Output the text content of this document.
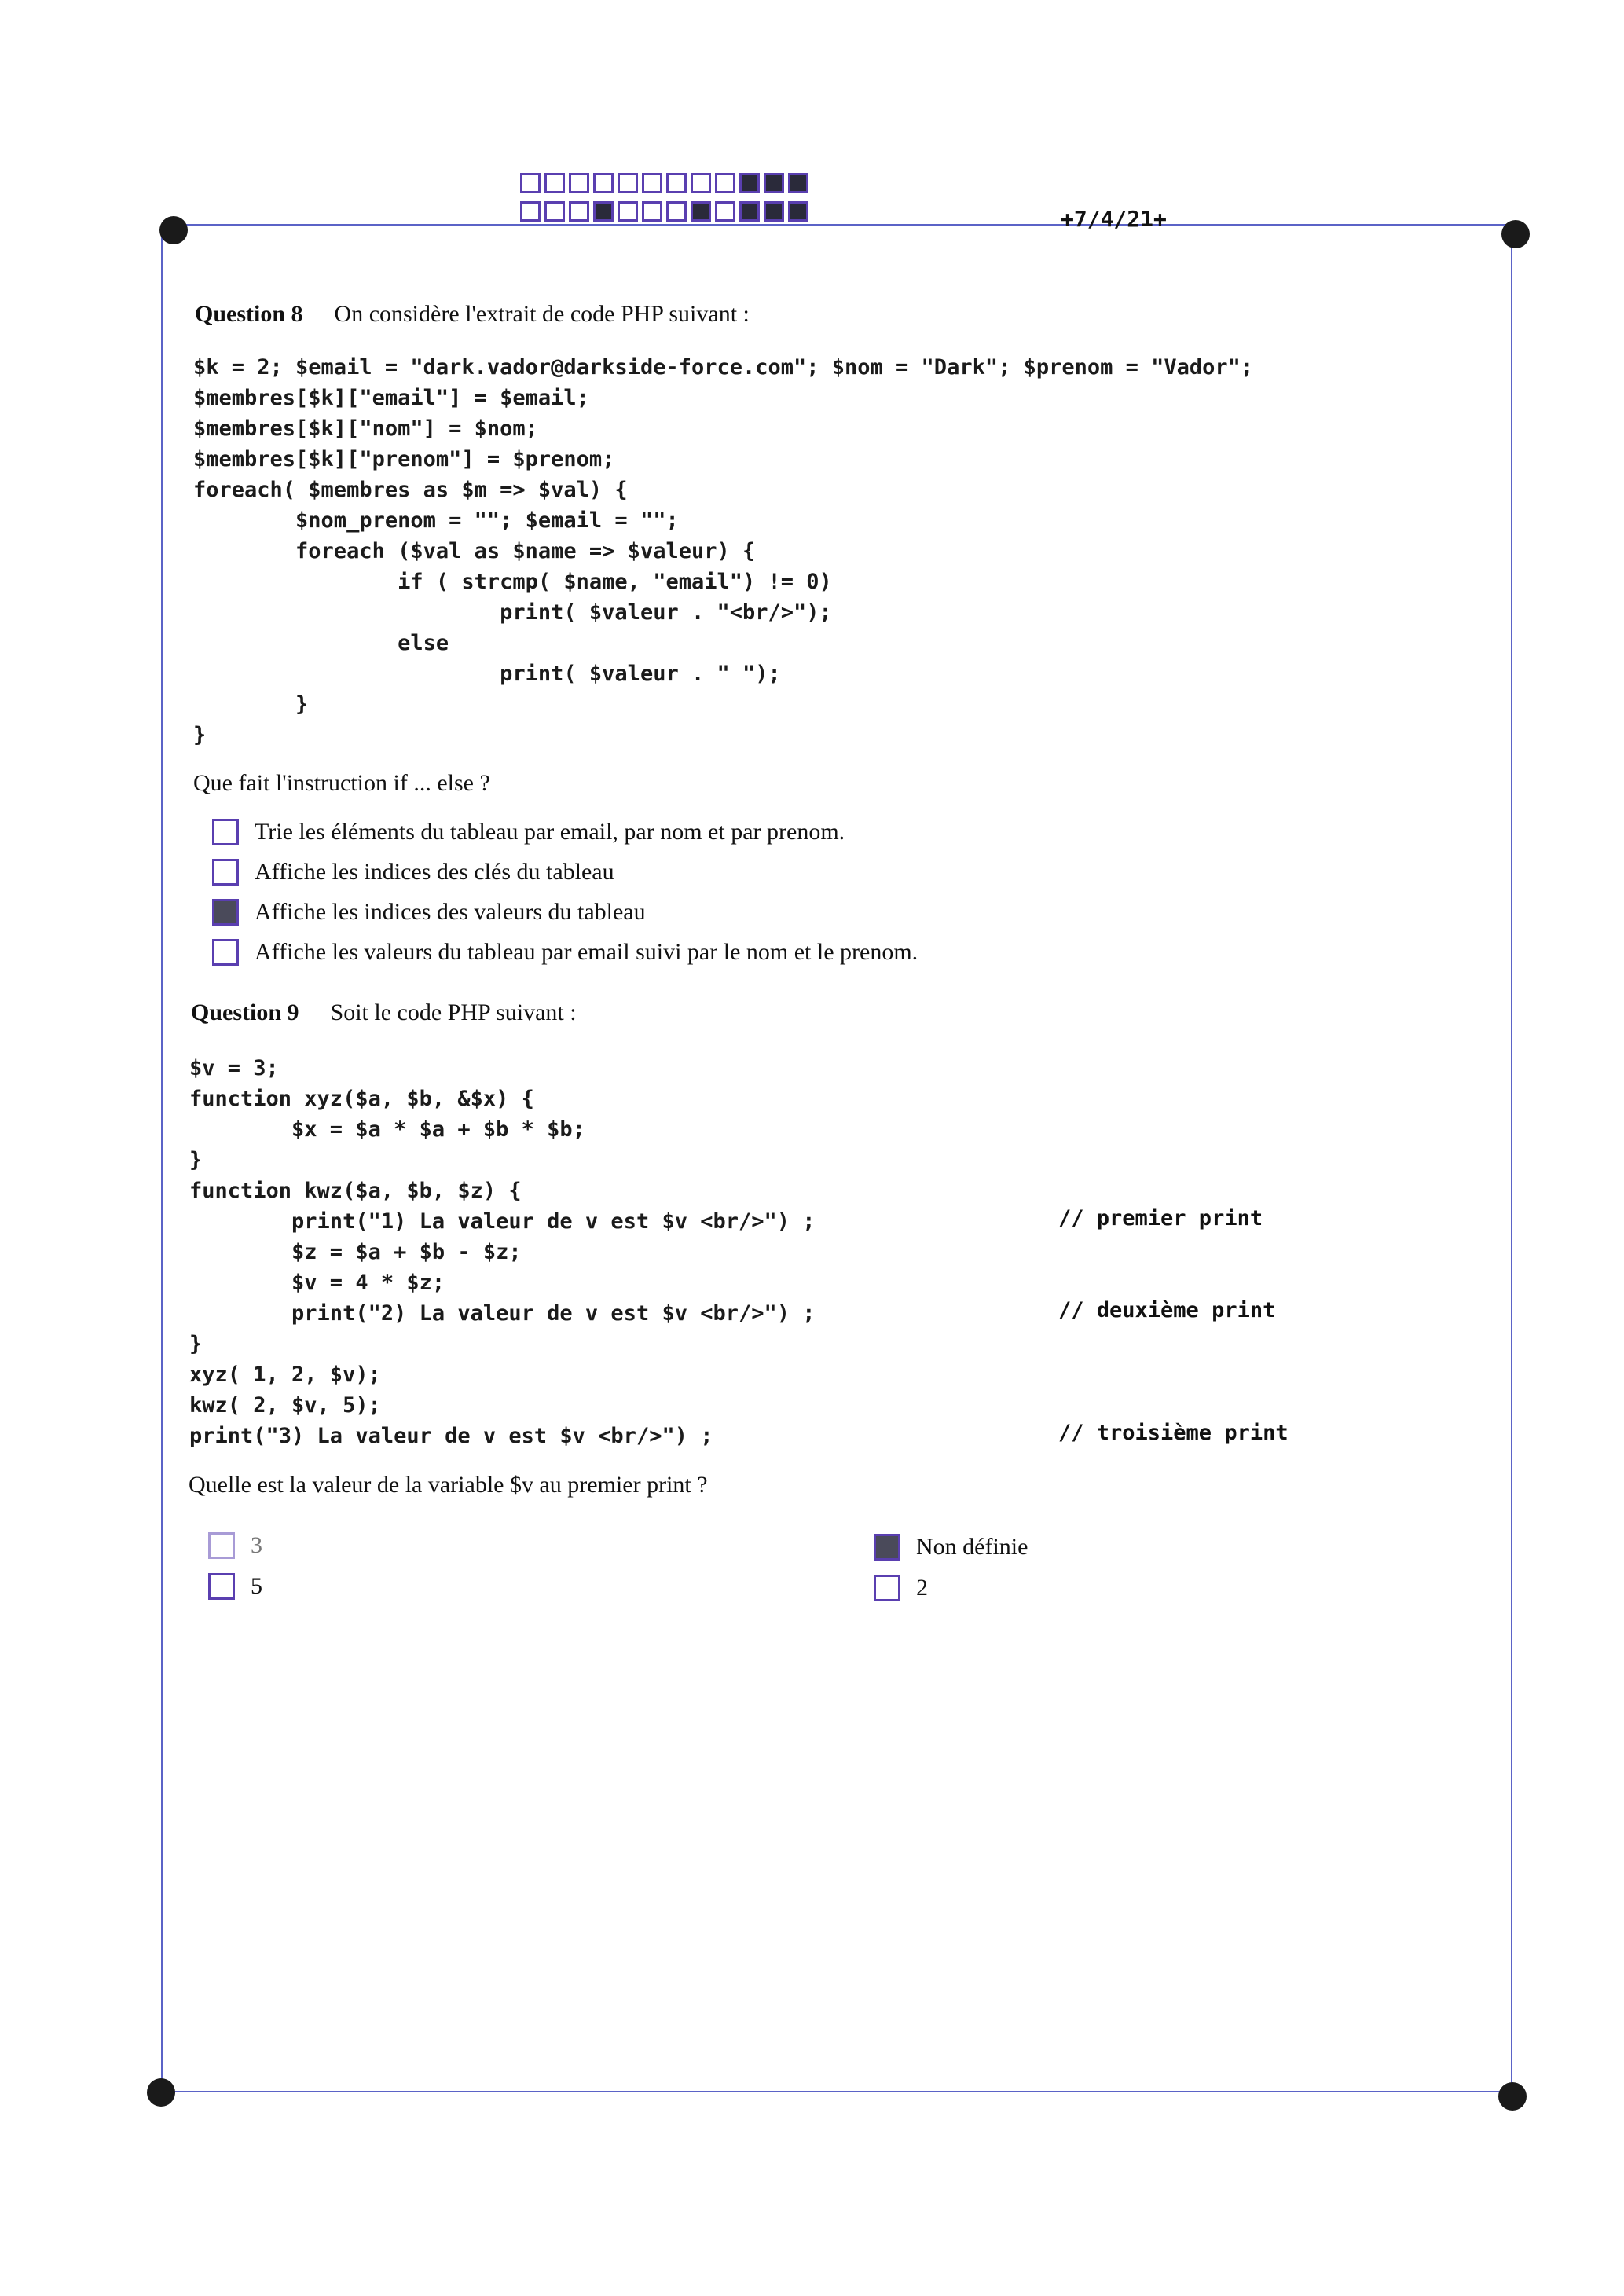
+7/4/21+
Question 8 On considère l'extrait de code PHP suivant :
$k = 2; $email = "dark.vador@darkside-force.com"; $nom = "Dark"; $prenom = "Vador";
$membres[$k]["email"] = $email;
$membres[$k]["nom"] = $nom;
$membres[$k]["prenom"] = $prenom;
foreach( $membres as $m => $val) {
$nom_prenom = ""; $email = "";
foreach ($val as $name => $valeur) {
if ( strcmp( $name, "email") != 0)
print( $valeur . "<br/>");
else
print( $valeur . " ");
}
}
Que fait l'instruction if ... else ?
Trie les éléments du tableau par email, par nom et par prenom.
Affiche les indices des clés du tableau
Affiche les indices des valeurs du tableau
Affiche les valeurs du tableau par email suivi par le nom et le prenom.
Question 9 Soit le code PHP suivant :
$v = 3;
function xyz($a, $b, &$x) {
$x = $a * $a + $b * $b;
}
function kwz($a, $b, $z) {
print("1) La valeur de v est $v <br/>") ;
$z = $a + $b - $z;
$v = 4 * $z;
print("2) La valeur de v est $v <br/>") ;
}
xyz( 1, 2, $v);
kwz( 2, $v, 5);
print("3) La valeur de v est $v <br/>") ;
// premier print
// deuxième print
// troisième print
Quelle est la valeur de la variable $v au premier print ?
3	Non définie
5	2
